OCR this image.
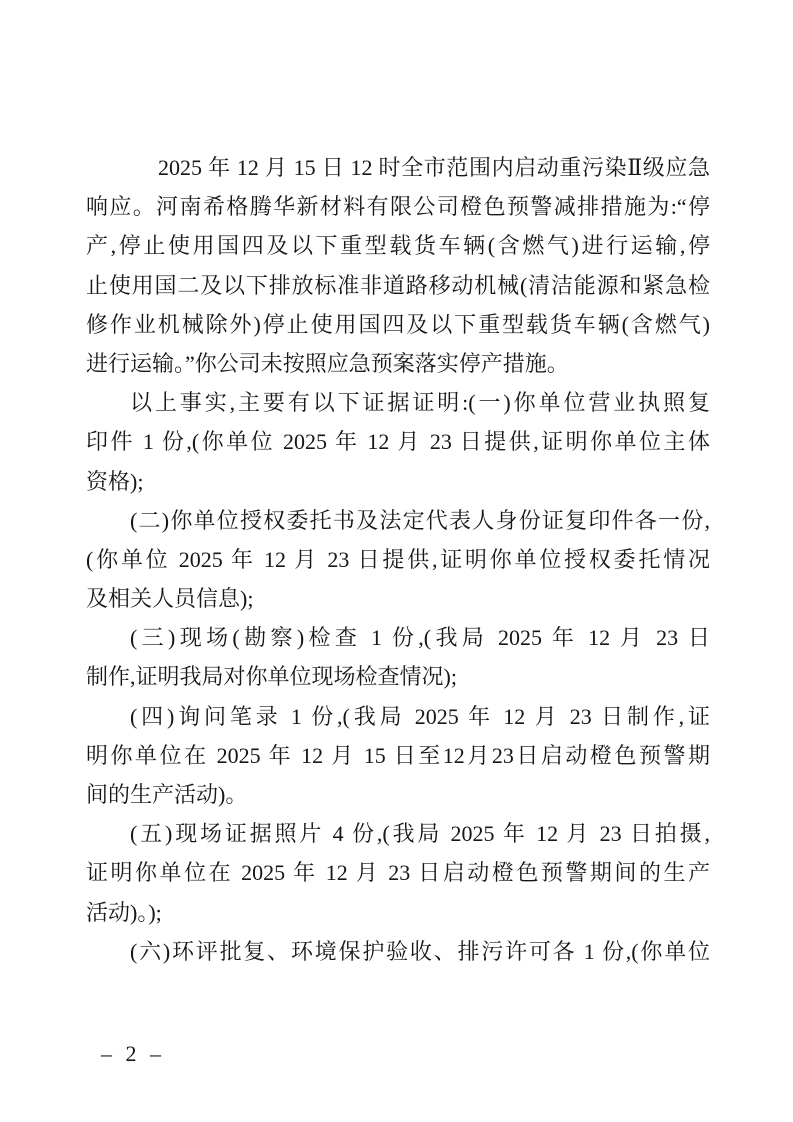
2025 年 12 月 15 日 12 时全市范围内启动重污染Ⅱ级应急
响应。河南希格腾华新材料有限公司橙色预警减排措施为:“停
产,停止使用国四及以下重型载货车辆(含燃气)进行运输,停
止使用国二及以下排放标准非道路移动机械(清洁能源和紧急检
修作业机械除外)停止使用国四及以下重型载货车辆(含燃气)
进行运输。”你公司未按照应急预案落实停产措施。
以上事实,主要有以下证据证明:(一)你单位营业执照复
印件 1 份,(你单位 2025 年 12 月 23 日提供,证明你单位主体
资格);
(二)你单位授权委托书及法定代表人身份证复印件各一份,
(你单位 2025 年 12 月 23 日提供,证明你单位授权委托情况
及相关人员信息);
(三)现场(勘察)检查 1 份,(我局 2025 年 12 月 23 日
制作,证明我局对你单位现场检查情况);
(四)询问笔录 1 份,(我局 2025 年 12 月 23 日制作,证
明你单位在 2025 年 12 月 15 日至12月23日启动橙色预警期
间的生产活动)。
(五)现场证据照片 4 份,(我局 2025 年 12 月 23 日拍摄,
证明你单位在 2025 年 12 月 23 日启动橙色预警期间的生产
活动)。);
(六)环评批复、环境保护验收、排污许可各 1 份,(你单位
– 2 –
